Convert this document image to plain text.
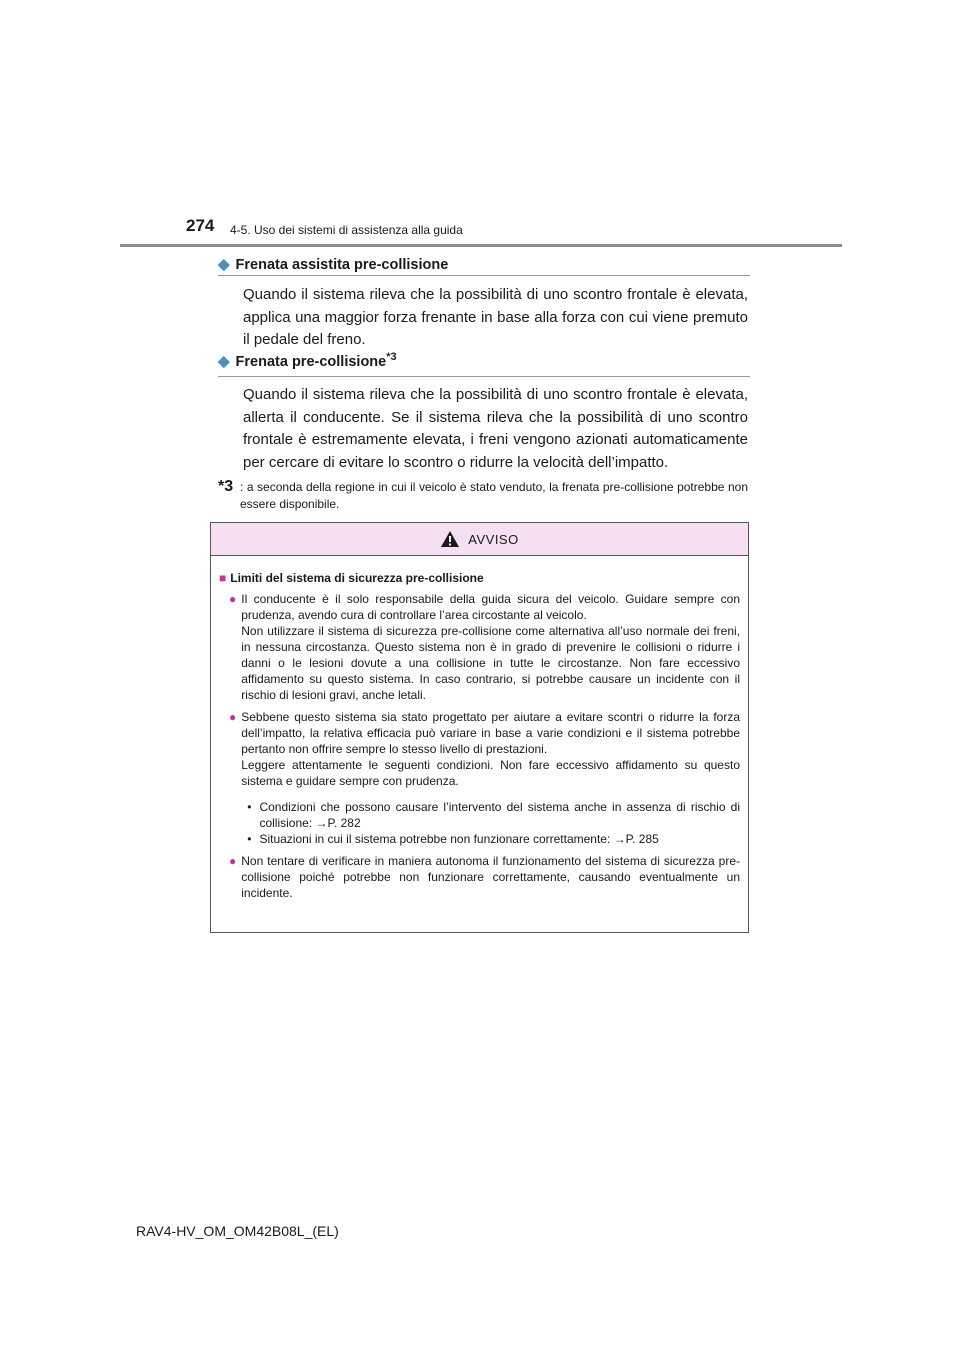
274 4-5. Uso dei sistemi di assistenza alla guida
◆ Frenata assistita pre-collisione

Quando il sistema rileva che la possibilità di uno scontro frontale è elevata, applica una maggior forza frenante in base alla forza con cui viene premuto il pedale del freno.

◆ Frenata pre-collisione$^{*3}$

Quando il sistema rileva che la possibilità di uno scontro frontale è elevata, allerta il conducente. Se il sistema rileva che la possibilità di uno scontro frontale è estremamente elevata, i freni vengono azionati automaticamente per cercare di evitare lo scontro o ridurre la velocità dell’impatto.

*3 : a seconda della regione in cui il veicolo è stato venduto, la frenata pre-collisione potrebbe non essere disponibile.
AVVISO
■ Limiti del sistema di sicurezza pre-collisione
● Il conducente è il solo responsabile della guida sicura del veicolo. Guidare sempre con prudenza, avendo cura di controllare l’area circostante al veicolo.

Non utilizzare il sistema di sicurezza pre-collisione come alternativa all’uso normale dei freni, in nessuna circostanza. Questo sistema non è in grado di prevenire le collisioni o ridurre i danni o le lesioni dovute a una collisione in tutte le circostanze. Non fare eccessivo affidamento su questo sistema. In caso contrario, si potrebbe causare un incidente con il rischio di lesioni gravi, anche letali.

● Sebbene questo sistema sia stato progettato per aiutare a evitare scontri o ridurre la forza dell’impatto, la relativa efficacia può variare in base a varie condizioni e il sistema potrebbe pertanto non offrire sempre lo stesso livello di prestazioni.

Leggere attentamente le seguenti condizioni. Non fare eccessivo affidamento su questo sistema e guidare sempre con prudenza.

• Condizioni che possono causare l’intervento del sistema anche in assenza di rischio di collisione: →P. 282
• Situazioni in cui il sistema potrebbe non funzionare correttamente: →P. 285
● Non tentare di verificare in maniera autonoma il funzionamento del sistema di sicurezza pre-collisione poiché potrebbe non funzionare correttamente, causando eventualmente un incidente.

RAV4-HV_OM_OM42B08L_(EL)
